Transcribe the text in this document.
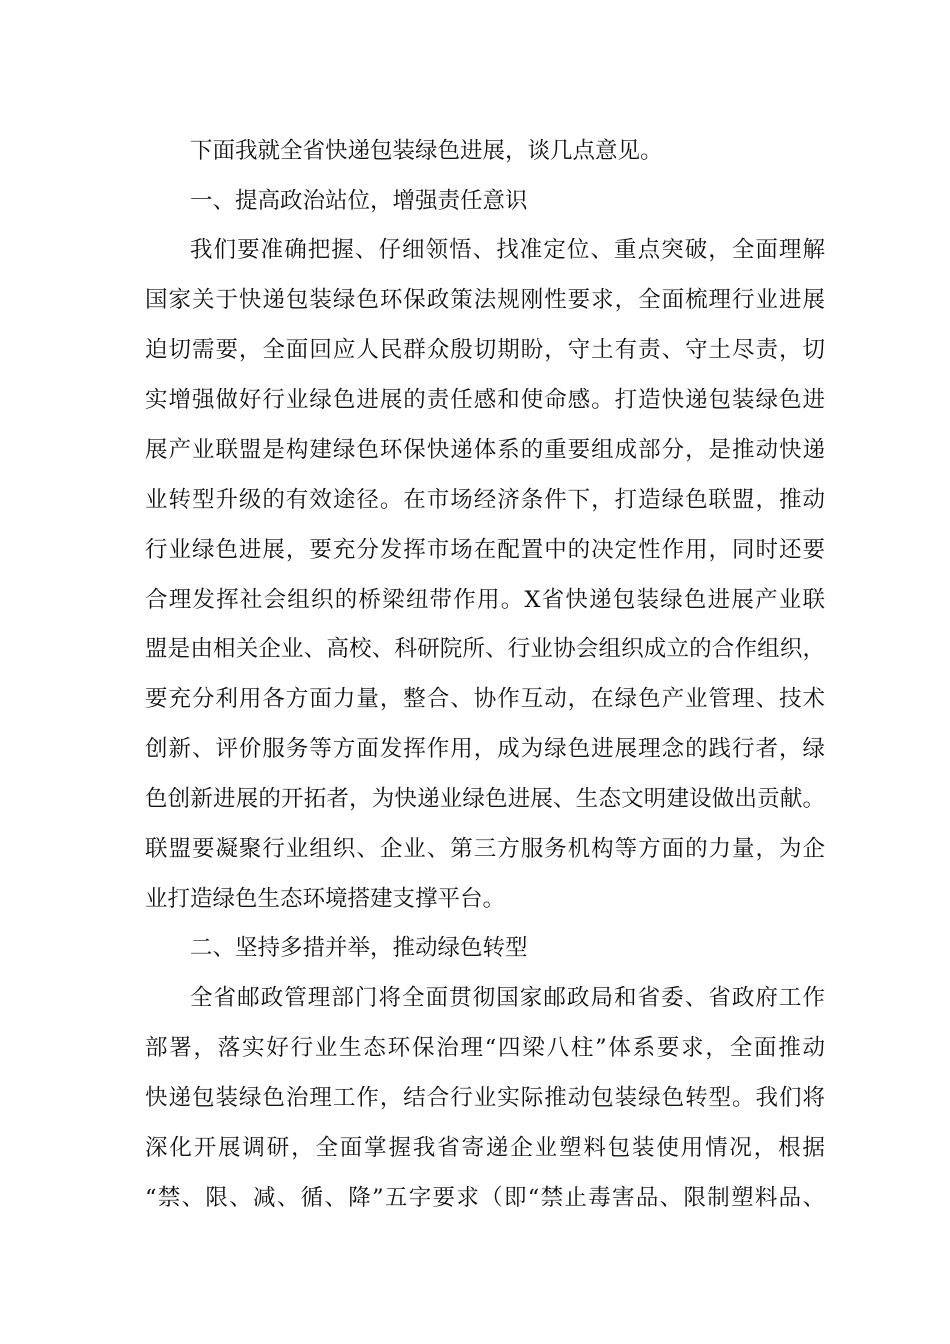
下面我就全省快递包装绿色进展，谈几点意见。
一、提高政治站位，增强责任意识
我们要准确把握、仔细领悟、找准定位、重点突破，全面理解
国家关于快递包装绿色环保政策法规刚性要求，全面梳理行业进展
迫切需要，全面回应人民群众殷切期盼，守土有责、守土尽责，切
实增强做好行业绿色进展的责任感和使命感。打造快递包装绿色进
展产业联盟是构建绿色环保快递体系的重要组成部分，是推动快递
业转型升级的有效途径。在市场经济条件下，打造绿色联盟，推动
行业绿色进展，要充分发挥市场在配置中的决定性作用，同时还要
合理发挥社会组织的桥梁纽带作用。X省快递包装绿色进展产业联
盟是由相关企业、高校、科研院所、行业协会组织成立的合作组织，
要充分利用各方面力量，整合、协作互动，在绿色产业管理、技术
创新、评价服务等方面发挥作用，成为绿色进展理念的践行者，绿
色创新进展的开拓者，为快递业绿色进展、生态文明建设做出贡献。
联盟要凝聚行业组织、企业、第三方服务机构等方面的力量，为企
业打造绿色生态环境搭建支撑平台。
二、坚持多措并举，推动绿色转型
全省邮政管理部门将全面贯彻国家邮政局和省委、省政府工作
部署，落实好行业生态环保治理“四梁八柱”体系要求，全面推动
快递包装绿色治理工作，结合行业实际推动包装绿色转型。我们将
深化开展调研，全面掌握我省寄递企业塑料包装使用情况，根据
“禁、限、减、循、降”五字要求（即“禁止毒害品、限制塑料品、
